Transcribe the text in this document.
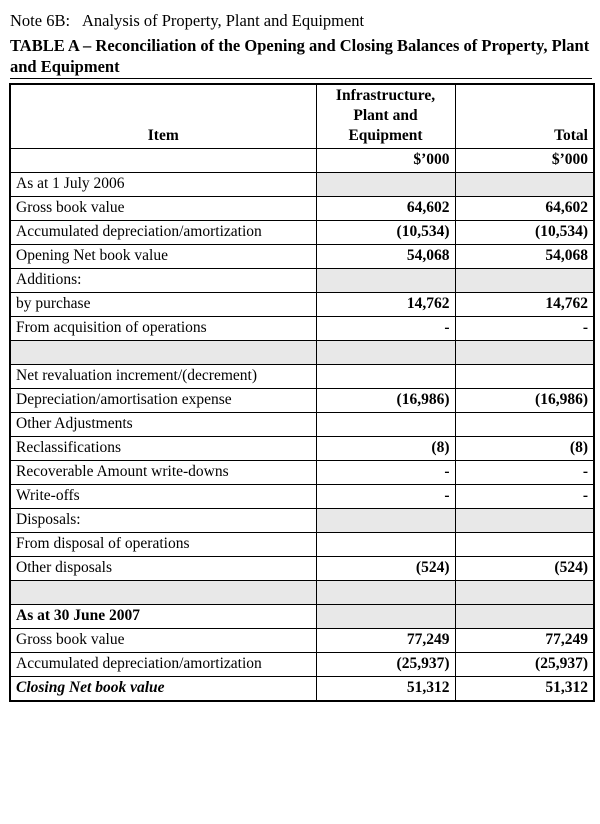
Note 6B: Analysis of Property, Plant and Equipment
TABLE A – Reconciliation of the Opening and Closing Balances of Property, Plant and Equipment
Item	Infrastructure, Plant and Equipment	Total
	$’000	$’000
As at 1 July 2006		
Gross book value	64,602	64,602
Accumulated depreciation/amortization	(10,534)	(10,534)
Opening Net book value	54,068	54,068
Additions:		
by purchase	14,762	14,762
From acquisition of operations	-	-

Net revaluation increment/(decrement)		
Depreciation/amortisation expense	(16,986)	(16,986)
Other Adjustments		
Reclassifications	(8)	(8)
Recoverable Amount write-downs	-	-
Write-offs	-	-
Disposals:		
From disposal of operations		
Other disposals	(524)	(524)

As at 30 June 2007		
Gross book value	77,249	77,249
Accumulated depreciation/amortization	(25,937)	(25,937)
Closing Net book value	51,312	51,312
